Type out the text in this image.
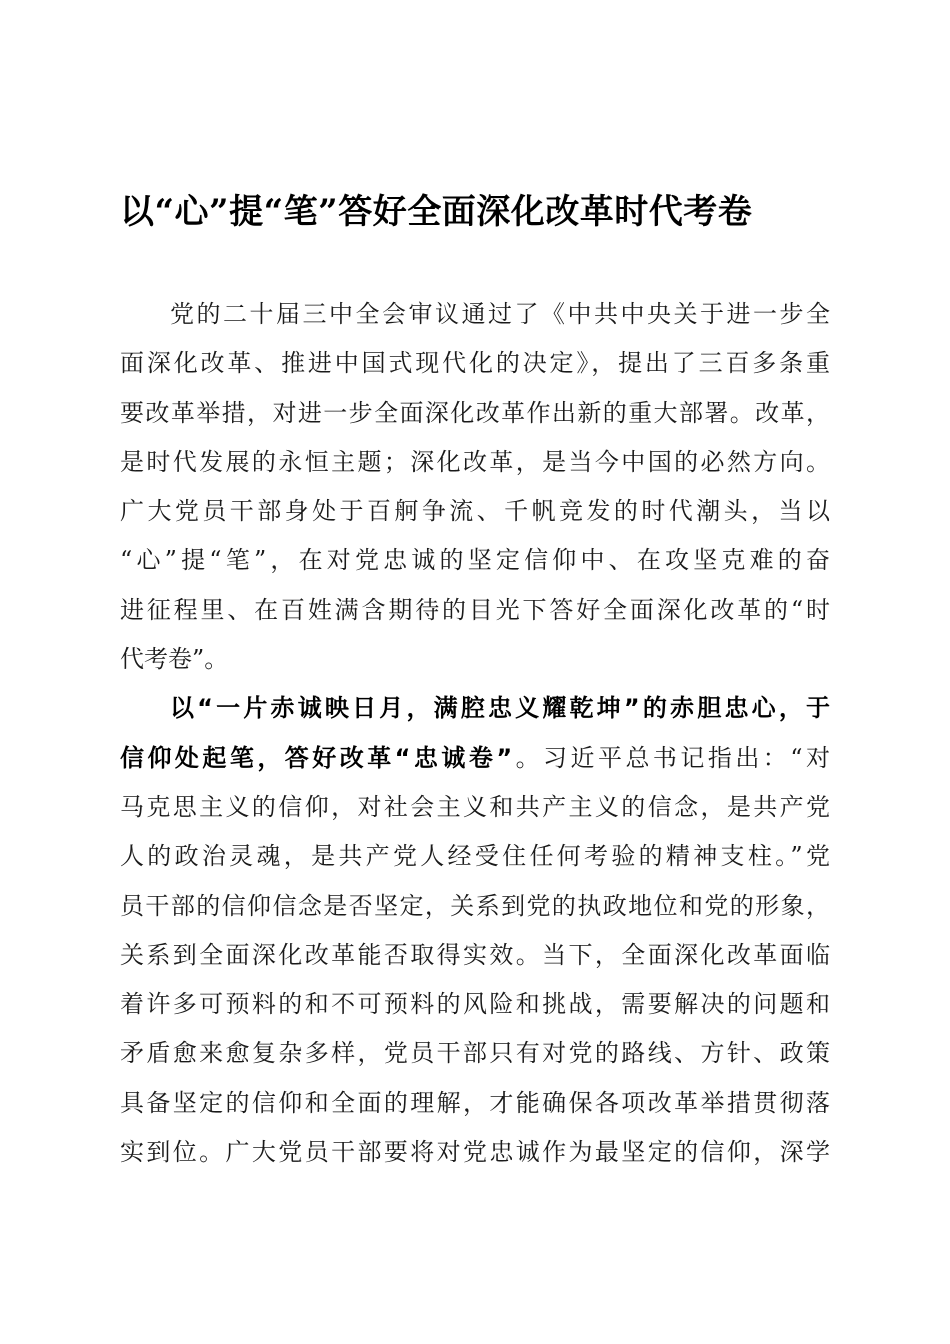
以“心”提“笔”答好全面深化改革时代考卷
党的二十届三中全会审议通过了《中共中央关于进一步全
面深化改革、推进中国式现代化的决定》，提出了三百多条重
要改革举措，对进一步全面深化改革作出新的重大部署。改革，
是时代发展的永恒主题；深化改革，是当今中国的必然方向。
广大党员干部身处于百舸争流、千帆竞发的时代潮头，当以
“心”提“笔”，在对党忠诚的坚定信仰中、在攻坚克难的奋
进征程里、在百姓满含期待的目光下答好全面深化改革的“时
代考卷”。
以“一片赤诚映日月，满腔忠义耀乾坤”的赤胆忠心，于
信仰处起笔，答好改革“忠诚卷”。习近平总书记指出：“对
马克思主义的信仰，对社会主义和共产主义的信念，是共产党
人的政治灵魂，是共产党人经受住任何考验的精神支柱。”党
员干部的信仰信念是否坚定，关系到党的执政地位和党的形象，
关系到全面深化改革能否取得实效。当下，全面深化改革面临
着许多可预料的和不可预料的风险和挑战，需要解决的问题和
矛盾愈来愈复杂多样，党员干部只有对党的路线、方针、政策
具备坚定的信仰和全面的理解，才能确保各项改革举措贯彻落
实到位。广大党员干部要将对党忠诚作为最坚定的信仰，深学
